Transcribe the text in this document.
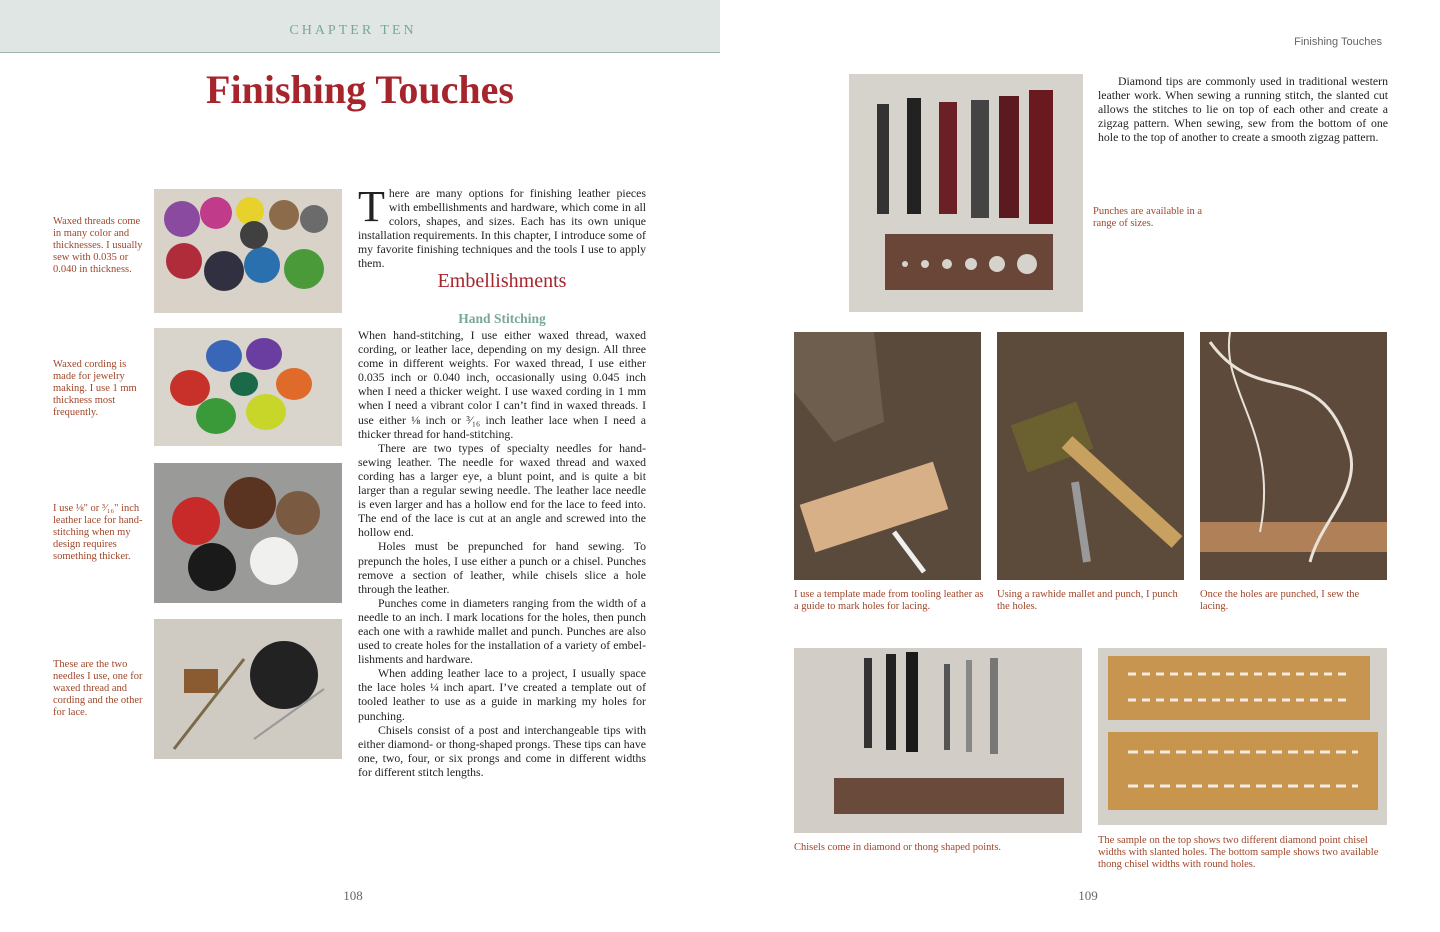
CHAPTER TEN
Finishing Touches
Finishing Touches
Waxed threads come in many color and thicknesses. I usually sew with 0.035 or 0.040 in thickness.
Waxed cording is made for jewelry making. I use 1 mm thickness most frequently.
I use ⅛" or ³⁄₁₆" inch leather lace for hand-stitching when my design requires something thicker.
These are the two needles I use, one for waxed thread and cording and the other for lace.

There are many options for finishing leather pieces with embellishments and hardware, which come in all colors, shapes, and sizes. Each has its own unique installation requirements. In this chapter, I introduce some of my favorite finishing techniques and the tools I use to apply them.

Embellishments
Hand Stitching

When hand-stitching, I use either waxed thread, waxed cording, or leather lace, depending on my design. All three come in different weights. For waxed thread, I use either 0.035 inch or 0.040 inch, occasionally using 0.045 inch when I need a thicker weight. I use waxed cording in 1 mm when I need a vibrant color I can’t find in waxed threads. I use either ⅛ inch or ³⁄₁₆ inch leather lace when I need a thicker thread for hand-stitching.

There are two types of specialty needles for hand-sewing leather. The needle for waxed thread and waxed cording has a larger eye, a blunt point, and is quite a bit larger than a regular sewing needle. The leather lace needle is even larger and has a hollow end for the lace to feed into. The end of the lace is cut at an angle and screwed into the hollow end.

Holes must be prepunched for hand sewing. To prepunch the holes, I use either a punch or a chisel. Punches remove a section of leather, while chisels slice a hole through the leather.

Punches come in diameters ranging from the width of a needle to an inch. I mark locations for the holes, then punch each one with a rawhide mallet and punch. Punches are also used to create holes for the installation of a variety of embel-lishments and hardware.

When adding leather lace to a project, I usually space the lace holes ¼ inch apart. I’ve created a template out of tooled leather to use as a guide in marking my holes for punching.

Chisels consist of a post and interchangeable tips with either diamond- or thong-shaped prongs. These tips can have one, two, four, or six prongs and come in different widths for different stitch lengths.

108
Punches are available in a range of sizes.

Diamond tips are commonly used in traditional western leather work. When sewing a running stitch, the slanted cut allows the stitches to lie on top of each other and create a zigzag pattern. When sewing, sew from the bottom of one hole to the top of another to create a smooth zigzag pattern.

I use a template made from tooling leather as a guide to mark holes for lacing.
Using a rawhide mallet and punch, I punch the holes.
Once the holes are punched, I sew the lacing.
Chisels come in diamond or thong shaped points.
The sample on the top shows two different diamond point chisel widths with slanted holes. The bottom sample shows two available thong chisel widths with round holes.
109
